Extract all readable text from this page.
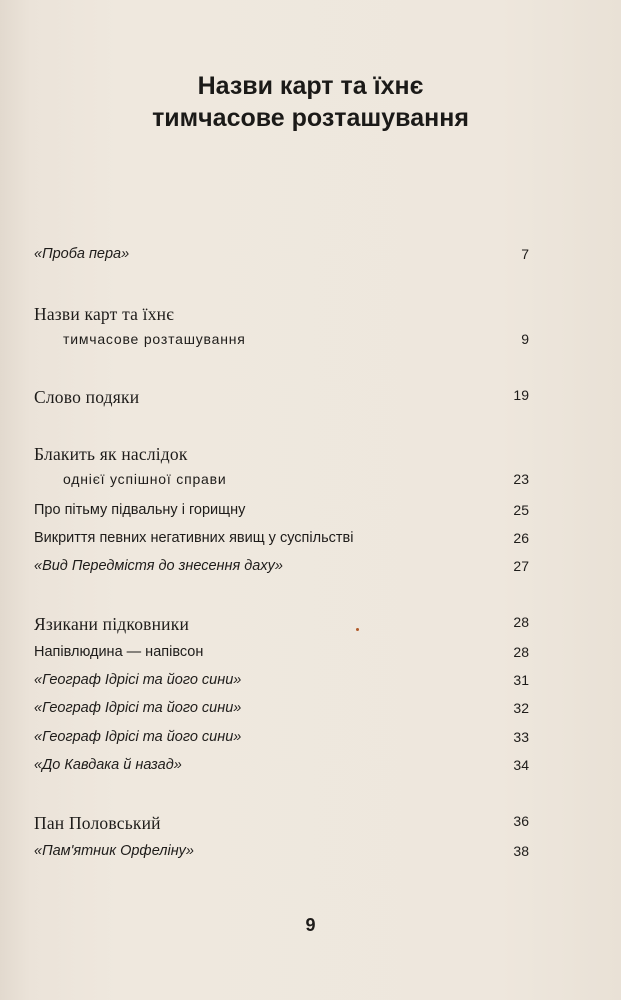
Назви карт та їхнє
тимчасове розташування
«Проба пера»	7
Назви карт та їхнє
тимчасове розташування	9
Слово подяки	19
Блакить як наслідок
однієї успішної справи	23
Про пітьму підвальну і горищну	25
Викриття певних негативних явищ у суспільстві	26
«Вид Передмістя до знесення даху»	27
Язикани підковники	28
Напівлюдина — напівсон	28
«Географ Ідрісі та його сини»	31
«Географ Ідрісі та його сини»	32
«Географ Ідрісі та його сини»	33
«До Кавдака й назад»	34
Пан Половський	36
«Пам'ятник Орфеліну»	38
9
